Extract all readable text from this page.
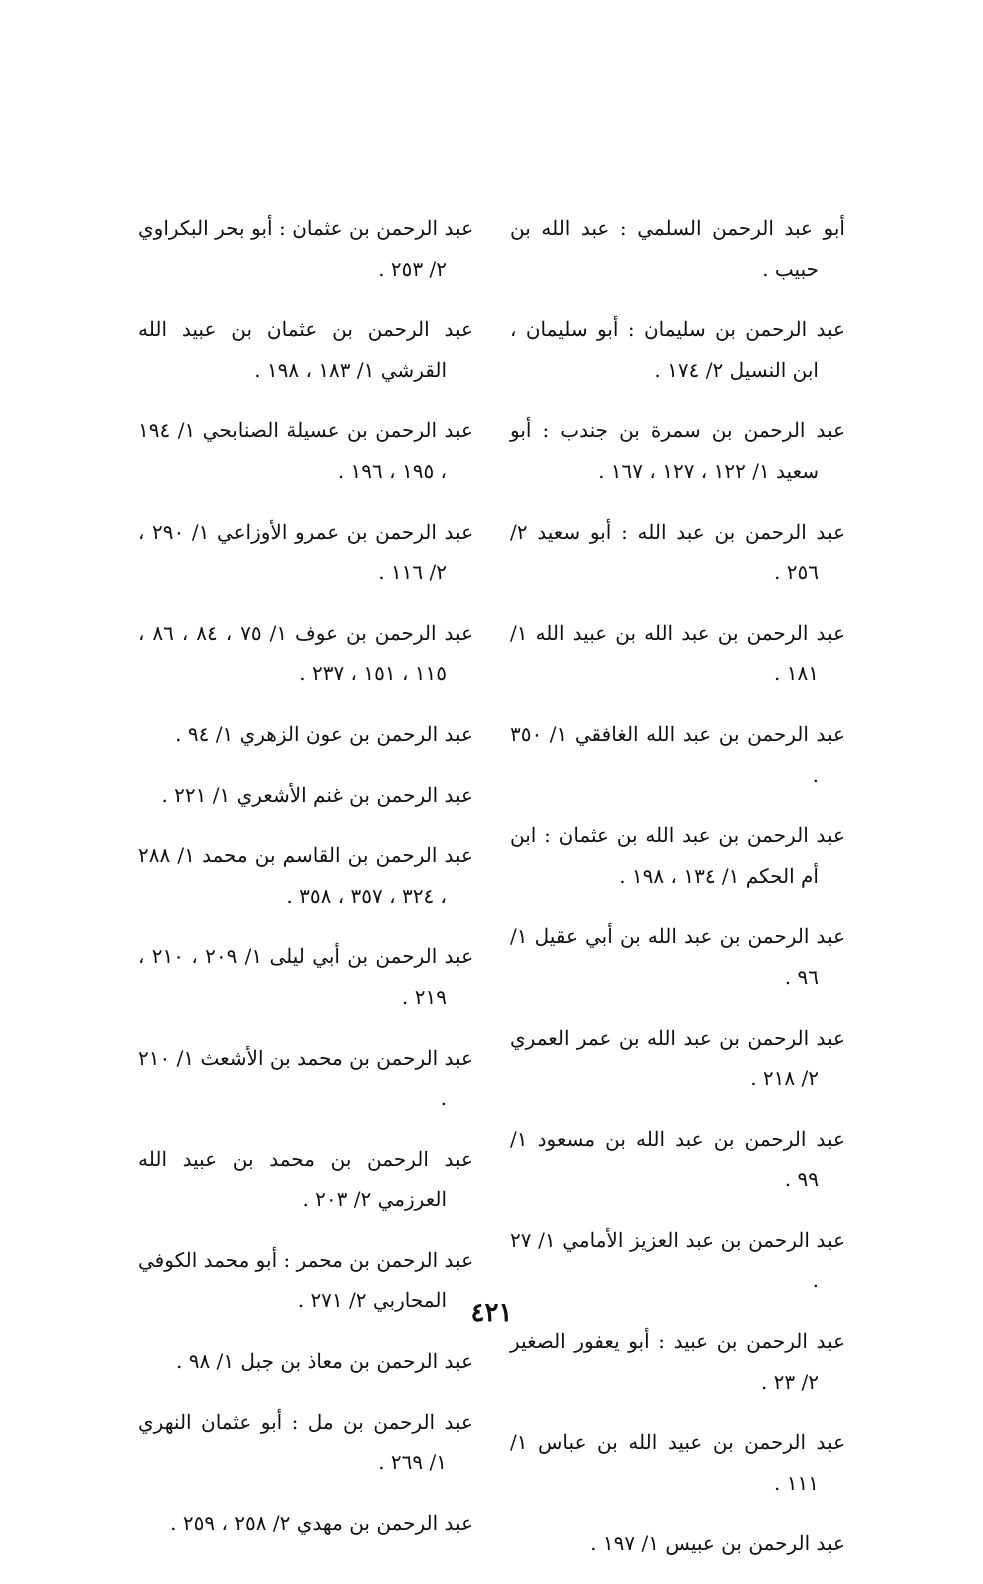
أبو عبد الرحمن السلمي : عبد الله بن حبيب .

عبد الرحمن بن سليمان : أبو سليمان ، ابن النسيل ٢/ ١٧٤ .

عبد الرحمن بن سمرة بن جندب : أبو سعيد ١/ ١٢٢ ، ١٢٧ ، ١٦٧ .

عبد الرحمن بن عبد الله : أبو سعيد ٢/ ٢٥٦ .

عبد الرحمن بن عبد الله بن عبيد الله ١/ ١٨١ .

عبد الرحمن بن عبد الله الغافقي ١/ ٣٥٠ .

عبد الرحمن بن عبد الله بن عثمان : ابن أم الحكم ١/ ١٣٤ ، ١٩٨ .

عبد الرحمن بن عبد الله بن أبي عقيل ١/ ٩٦ .

عبد الرحمن بن عبد الله بن عمر العمري ٢/ ٢١٨ .

عبد الرحمن بن عبد الله بن مسعود ١/ ٩٩ .

عبد الرحمن بن عبد العزيز الأمامي ١/ ٢٧ .

عبد الرحمن بن عبيد : أبو يعفور الصغير ٢/ ٢٣ .

عبد الرحمن بن عبيد الله بن عباس ١/ ١١١ .

عبد الرحمن بن عبيس ١/ ١٩٧ .

عبد الرحمن بن عثمان : أبو بحر البكراوي ٢/ ٢٥٣ .

عبد الرحمن بن عثمان بن عبيد الله القرشي ١/ ١٨٣ ، ١٩٨ .

عبد الرحمن بن عسيلة الصنابحي ١/ ١٩٤ ، ١٩٥ ، ١٩٦ .

عبد الرحمن بن عمرو الأوزاعي ١/ ٢٩٠ ، ٢/ ١١٦ .

عبد الرحمن بن عوف ١/ ٧٥ ، ٨٤ ، ٨٦ ، ١١٥ ، ١٥١ ، ٢٣٧ .

عبد الرحمن بن عون الزهري ١/ ٩٤ .

عبد الرحمن بن غنم الأشعري ١/ ٢٢١ .

عبد الرحمن بن القاسم بن محمد ١/ ٢٨٨ ، ٣٢٤ ، ٣٥٧ ، ٣٥٨ .

عبد الرحمن بن أبي ليلى ١/ ٢٠٩ ، ٢١٠ ، ٢١٩ .

عبد الرحمن بن محمد بن الأشعث ١/ ٢١٠ .

عبد الرحمن بن محمد بن عبيد الله العرزمي ٢/ ٢٠٣ .

عبد الرحمن بن محمر : أبو محمد الكوفي المحاربي ٢/ ٢٧١ .

عبد الرحمن بن معاذ بن جبل ١/ ٩٨ .

عبد الرحمن بن مل : أبو عثمان النهري ١/ ٢٦٩ .

عبد الرحمن بن مهدي ٢/ ٢٥٨ ، ٢٥٩ .

٤٢١
